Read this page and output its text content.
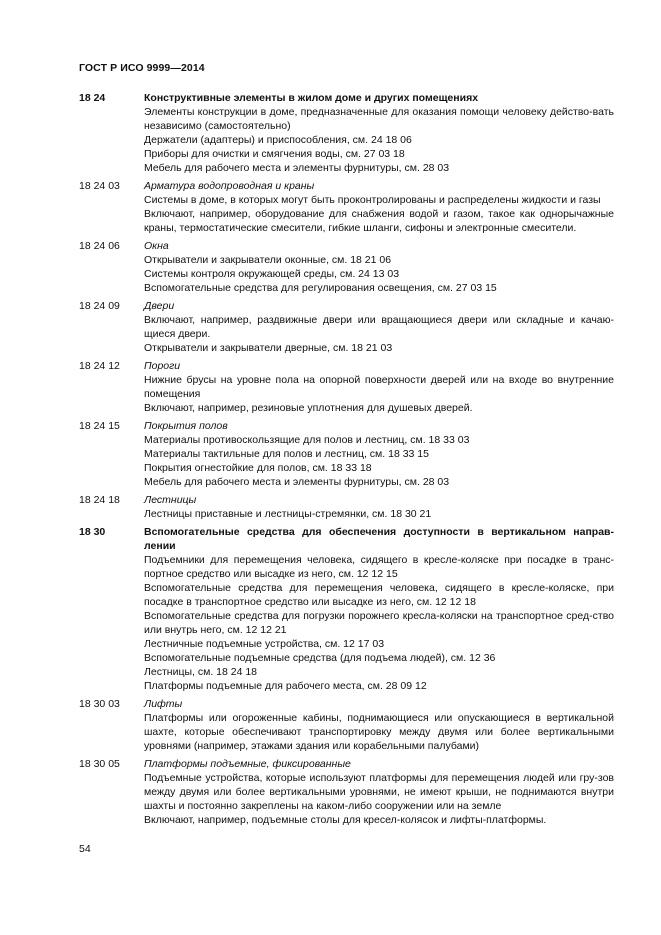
ГОСТ Р ИСО 9999—2014
18 24	Конструктивные элементы в жилом доме и других помещениях
Элементы конструкции в доме, предназначенные для оказания помощи человеку действо-вать независимо (самостоятельно)
Держатели (адаптеры) и приспособления, см. 24 18 06
Приборы для очистки и смягчения воды, см. 27 03 18
Мебель для рабочего места и элементы фурнитуры, см. 28 03
18 24 03	Арматура водопроводная и краны
Системы в доме, в которых могут быть проконтролированы и распределены жидкости и газы
Включают, например, оборудование для снабжения водой и газом, такое как однорычажные краны, термостатические смесители, гибкие шланги, сифоны и электронные смесители.
18 24 06	Окна
Открыватели и закрыватели оконные, см. 18 21 06
Системы контроля окружающей среды, см. 24 13 03
Вспомогательные средства для регулирования освещения, см. 27 03 15
18 24 09	Двери
Включают, например, раздвижные двери или вращающиеся двери или складные и качаю-щиеся двери.
Открыватели и закрыватели дверные, см. 18 21 03
18 24 12	Пороги
Нижние брусы на уровне пола на опорной поверхности дверей или на входе во внутренние помещения
Включают, например, резиновые уплотнения для душевых дверей.
18 24 15	Покрытия полов
Материалы противоскользящие для полов и лестниц, см. 18 33 03
Материалы тактильные для полов и лестниц, см. 18 33 15
Покрытия огнестойкие для полов, см. 18 33 18
Мебель для рабочего места и элементы фурнитуры, см. 28 03
18 24 18	Лестницы
Лестницы приставные и лестницы-стремянки, см. 18 30 21
18 30	Вспомогательные средства для обеспечения доступности в вертикальном направ-лении
Подъемники для перемещения человека, сидящего в кресле-коляске при посадке в транс-портное средство или высадке из него, см. 12 12 15
Вспомогательные средства для перемещения человека, сидящего в кресле-коляске, при посадке в транспортное средство или высадке из него, см. 12 12 18
Вспомогательные средства для погрузки порожнего кресла-коляски на транспортное сред-ство или внутрь него, см. 12 12 21
Лестничные подъемные устройства, см. 12 17 03
Вспомогательные подъемные средства (для подъема людей), см. 12 36
Лестницы, см. 18 24 18
Платформы подъемные для рабочего места, см. 28 09 12
18 30 03	Лифты
Платформы или огороженные кабины, поднимающиеся или опускающиеся в вертикальной шахте, которые обеспечивают транспортировку между двумя или более вертикальными уровнями (например, этажами здания или корабельными палубами)
18 30 05	Платформы подъемные, фиксированные
Подъемные устройства, которые используют платформы для перемещения людей или гру-зов между двумя или более вертикальными уровнями, не имеют крыши, не поднимаются внутри шахты и постоянно закреплены на каком-либо сооружении или на земле
Включают, например, подъемные столы для кресел-колясок и лифты-платформы.
54
